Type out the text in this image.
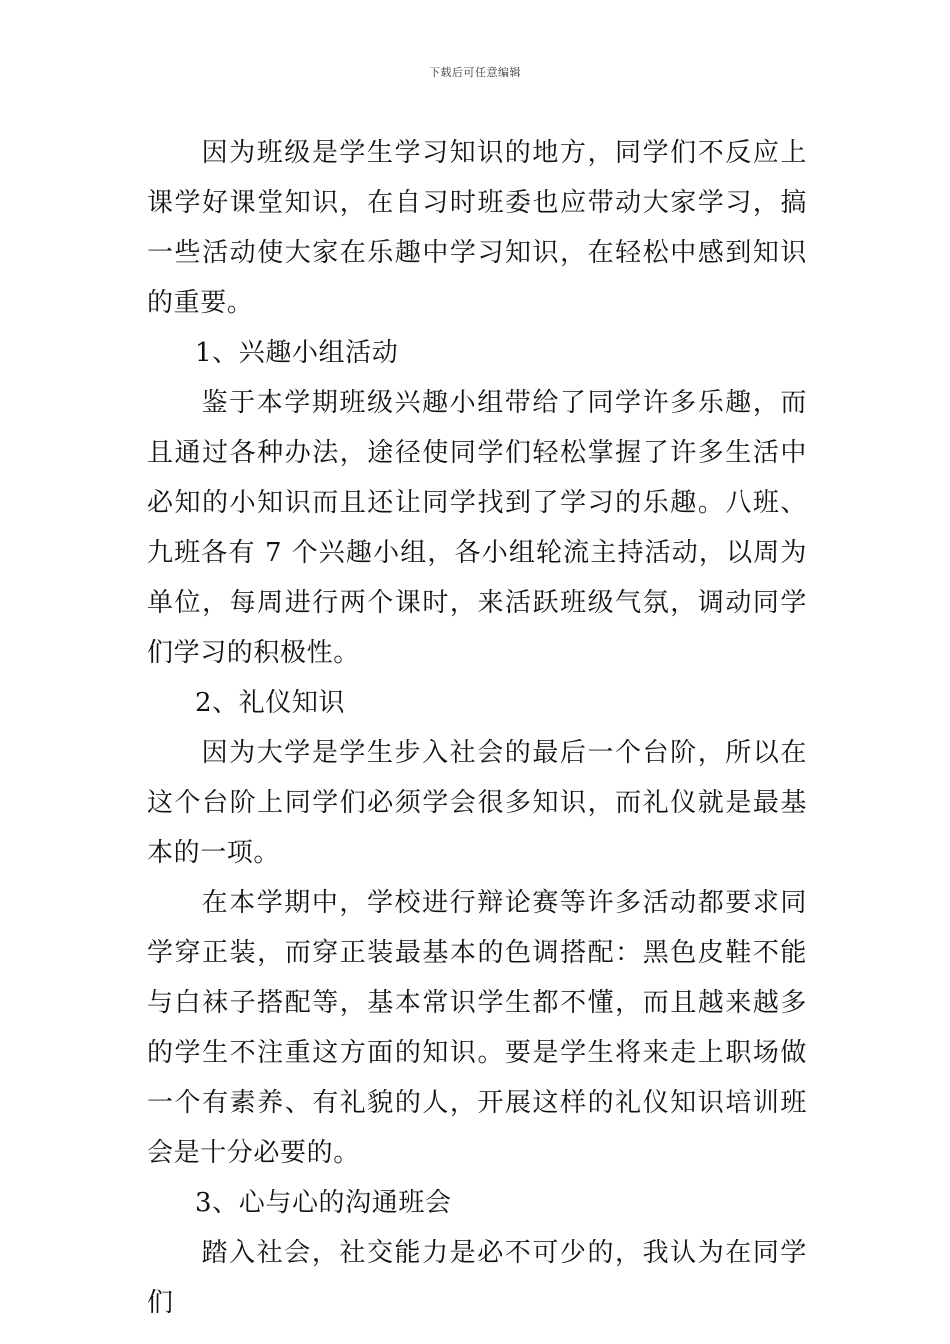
下载后可任意编辑

因为班级是学生学习知识的地方，同学们不反应上课学好课堂知识，在自习时班委也应带动大家学习，搞一些活动使大家在乐趣中学习知识，在轻松中感到知识的重要。

1、兴趣小组活动

鉴于本学期班级兴趣小组带给了同学许多乐趣，而且通过各种办法，途径使同学们轻松掌握了许多生活中必知的小知识而且还让同学找到了学习的乐趣。八班、九班各有 7 个兴趣小组，各小组轮流主持活动，以周为单位，每周进行两个课时，来活跃班级气氛，调动同学们学习的积极性。

2、礼仪知识

因为大学是学生步入社会的最后一个台阶，所以在这个台阶上同学们必须学会很多知识，而礼仪就是最基本的一项。

在本学期中，学校进行辩论赛等许多活动都要求同学穿正装，而穿正装最基本的色调搭配：黑色皮鞋不能与白袜子搭配等，基本常识学生都不懂，而且越来越多的学生不注重这方面的知识。要是学生将来走上职场做一个有素养、有礼貌的人，开展这样的礼仪知识培训班会是十分必要的。

3、心与心的沟通班会

踏入社会，社交能力是必不可少的，我认为在同学们
